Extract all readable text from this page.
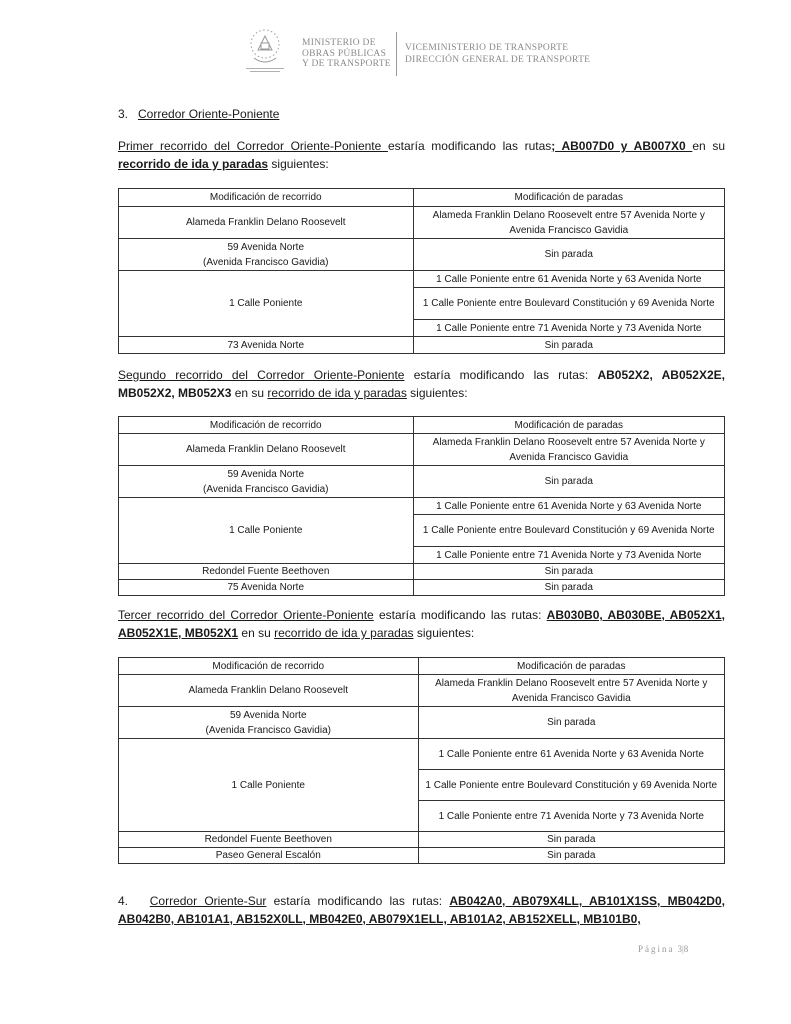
MINISTERIO DE
OBRAS PÚBLICAS
Y DE TRANSPORTE
VICEMINISTERIO DE TRANSPORTE
DIRECCIÓN GENERAL DE TRANSPORTE
3. Corredor Oriente-Poniente
Primer recorrido del Corredor Oriente-Poniente estaría modificando las rutas; AB007D0 y AB007X0 en su recorrido de ida y paradas siguientes:
Modificación de recorrido	Modificación de paradas
Alameda Franklin Delano Roosevelt	Alameda Franklin Delano Roosevelt entre 57 Avenida Norte y Avenida Francisco Gavidia
59 Avenida Norte
(Avenida Francisco Gavidia)	Sin parada
1 Calle Poniente	1 Calle Poniente entre 61 Avenida Norte y 63 Avenida Norte
	1 Calle Poniente entre Boulevard Constitución y 69 Avenida Norte
	1 Calle Poniente entre 71 Avenida Norte y 73 Avenida Norte
73 Avenida Norte	Sin parada
Segundo recorrido del Corredor Oriente-Poniente estaría modificando las rutas: AB052X2, AB052X2E, MB052X2, MB052X3 en su recorrido de ida y paradas siguientes:
Modificación de recorrido	Modificación de paradas
Alameda Franklin Delano Roosevelt	Alameda Franklin Delano Roosevelt entre 57 Avenida Norte y Avenida Francisco Gavidia
59 Avenida Norte
(Avenida Francisco Gavidia)	Sin parada
1 Calle Poniente	1 Calle Poniente entre 61 Avenida Norte y 63 Avenida Norte
	1 Calle Poniente entre Boulevard Constitución y 69 Avenida Norte
	1 Calle Poniente entre 71 Avenida Norte y 73 Avenida Norte
Redondel Fuente Beethoven	Sin parada
75 Avenida Norte	Sin parada
Tercer recorrido del Corredor Oriente-Poniente estaría modificando las rutas: AB030B0, AB030BE, AB052X1, AB052X1E, MB052X1 en su recorrido de ida y paradas siguientes:
Modificación de recorrido	Modificación de paradas
Alameda Franklin Delano Roosevelt	Alameda Franklin Delano Roosevelt entre 57 Avenida Norte y Avenida Francisco Gavidia
59 Avenida Norte
(Avenida Francisco Gavidia)	Sin parada
1 Calle Poniente	1 Calle Poniente entre 61 Avenida Norte y 63 Avenida Norte
	1 Calle Poniente entre Boulevard Constitución y 69 Avenida Norte
	1 Calle Poniente entre 71 Avenida Norte y 73 Avenida Norte
Redondel Fuente Beethoven	Sin parada
Paseo General Escalón	Sin parada
4. Corredor Oriente-Sur estaría modificando las rutas: AB042A0, AB079X4LL, AB101X1SS, MB042D0, AB042B0, AB101A1, AB152X0LL, MB042E0, AB079X1ELL, AB101A2, AB152XELL, MB101B0,
Página 3|8
